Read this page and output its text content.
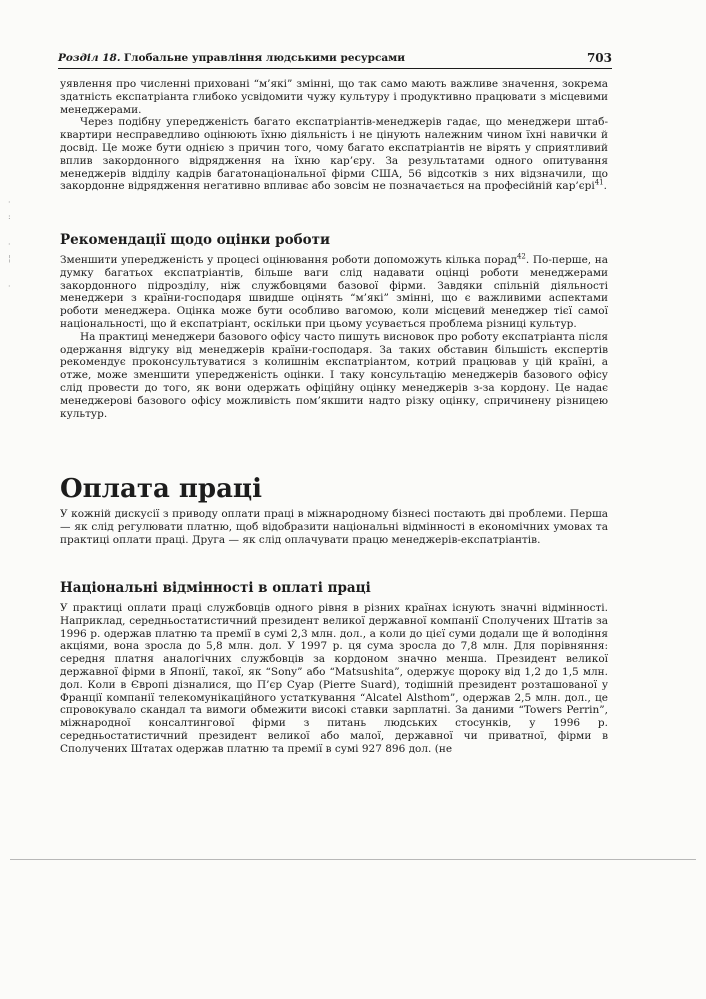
Розділ 18. Глобальне управління людськими ресурсами	703
·
:

·
¦

·

уявлення про численні приховані “м’які” змінні, що так само мають важливе значення, зокрема здатність експатріанта глибоко усвідомити чужу культуру і продуктивно працювати з місцевими менеджерами.

Через подібну упередженість багато експатріантів-менеджерів гадає, що менеджери штаб-квартири несправедливо оцінюють їхню діяльність і не цінують належним чином їхні навички й досвід. Це може бути однією з причин того, чому багато експатріантів не вірять у сприятливий вплив закордонного відрядження на їхню кар’єру. За результатами одного опитування менеджерів відділу кадрів багатонаціональної фірми США, 56 відсотків з них відзначили, що закордонне відрядження негативно впливає або зовсім не позначається на професійній кар’єрі$^{41}$.

Рекомендації щодо оцінки роботи

Зменшити упередженість у процесі оцінювання роботи допоможуть кілька порад$^{42}$. По-перше, на думку багатьох експатріантів, більше ваги слід надавати оцінці роботи менеджерами закордонного підрозділу, ніж службовцями базової фірми. Завдяки спільній діяльності менеджери з країни-господаря швидше оцінять “м’які” змінні, що є важливими аспектами роботи менеджера. Оцінка може бути особливо вагомою, коли місцевий менеджер тієї самої національності, що й експатріант, оскільки при цьому усувається проблема різниці культур.

На практиці менеджери базового офісу часто пишуть висновок про роботу експатріанта після одержання відгуку від менеджерів країни-господаря. За таких обставин більшість експертів рекомендує проконсультуватися з колишнім експатріантом, котрий працював у цій країні, а отже, може зменшити упередженість оцінки. І таку консультацію менеджерів базового офісу слід провести до того, як вони одержать офіційну оцінку менеджерів з-за кордону. Це надає менеджерові базового офісу можливість пом’якшити надто різку оцінку, спричинену різницею культур.

Оплата праці

У кожній дискусії з приводу оплати праці в міжнародному бізнесі постають дві проблеми. Перша — як слід регулювати платню, щоб відобразити національні відмінності в економічних умовах та практиці оплати праці. Друга — як слід оплачувати працю менеджерів-експатріантів.

Національні відмінності в оплаті праці

У практиці оплати праці службовців одного рівня в різних країнах існують значні відмінності. Наприклад, середньостатистичний президент великої державної компанії Сполучених Штатів за 1996 р. одержав платню та премії в сумі 2,3 млн. дол., а коли до цієї суми додали ще й володіння акціями, вона зросла до 5,8 млн. дол. У 1997 р. ця сума зросла до 7,8 млн. Для порівняння: середня платня аналогічних службовців за кордоном значно менша. Президент великої державної фірми в Японії, такої, як “Sony” або “Matsushita”, одержує щороку від 1,2 до 1,5 млн. дол. Коли в Європі дізналися, що П’єр Суар (Pierre Suard), тодішній президент розташованої у Франції компанії телекомунікаційного устаткування “Alcatel Alsthom”, одержав 2,5 млн. дол., це спровокувало скандал та вимоги обмежити високі ставки зарплатні. За даними “Towers Perrin”, міжнародної консалтингової фірми з питань людських стосунків, у 1996 р. середньостатистичний президент великої або малої, державної чи приватної, фірми в Сполучених Штатах одержав платню та премії в сумі 927 896 дол. (не
